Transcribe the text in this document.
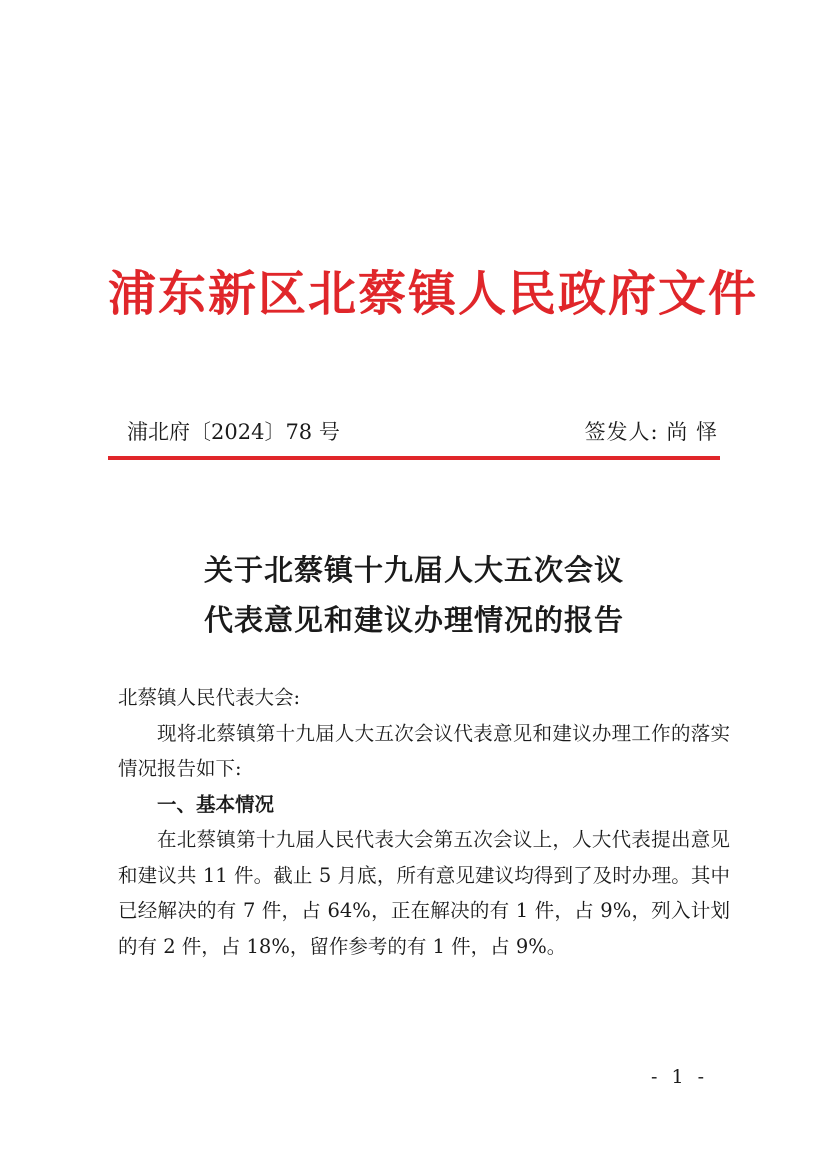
浦东新区北蔡镇人民政府文件
浦北府〔2024〕78 号	签发人: 尚 怿
关于北蔡镇十九届人大五次会议
代表意见和建议办理情况的报告

北蔡镇人民代表大会:

现将北蔡镇第十九届人大五次会议代表意见和建议办理工作的落实情况报告如下:

一、基本情况

在北蔡镇第十九届人民代表大会第五次会议上，人大代表提出意见和建议共 11 件。截止 5 月底，所有意见建议均得到了及时办理。其中已经解决的有 7 件，占 64%，正在解决的有 1 件，占 9%，列入计划的有 2 件，占 18%，留作参考的有 1 件，占 9%。

- 1 -
